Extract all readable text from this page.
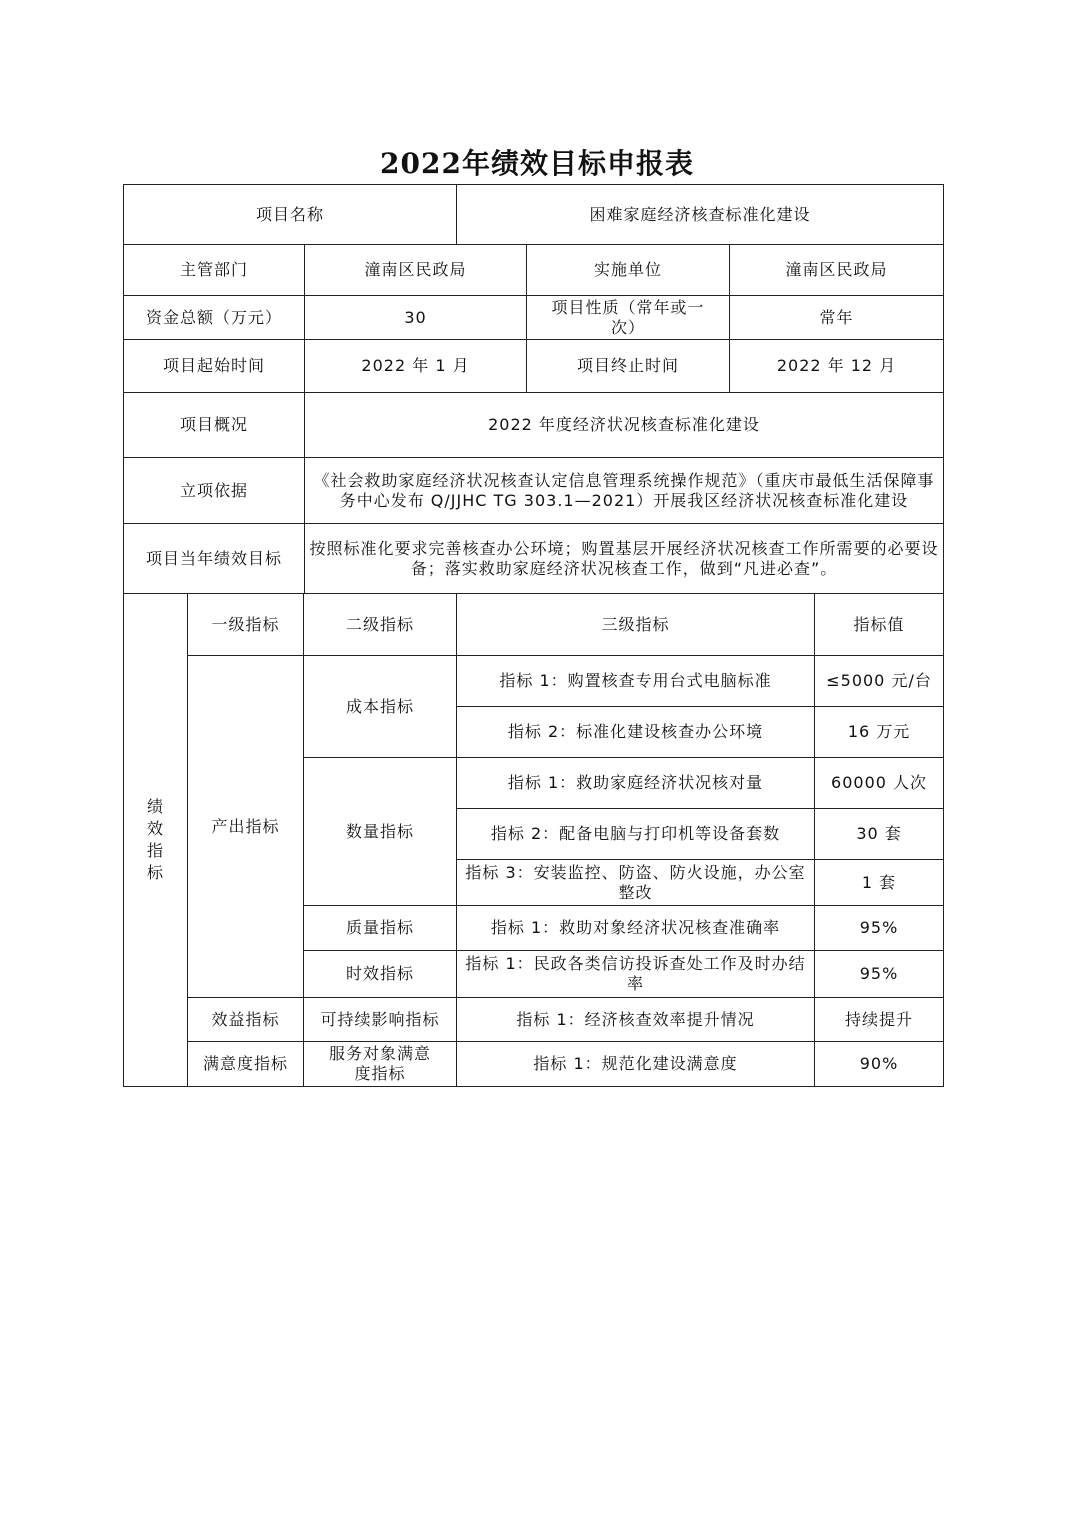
2022年绩效目标申报表
项目名称	困难家庭经济核查标准化建设
主管部门		潼南区民政局		实施单位	潼南区民政局	
资金总额（万元）		30		项目性质（常年或一次）	常年	
项目起始时间		2022 年 1 月		项目终止时间	2022 年 12 月	
项目概况		2022 年度经济状况核查标准化建设				
立项依据		《社会救助家庭经济状况核查认定信息管理系统操作规范》（重庆市最低生活保障事务中心发布 Q/JJHC TG 303.1—2021）开展我区经济状况核查标准化建设				
项目当年绩效目标		按照标准化要求完善核查办公环境；购置基层开展经济状况核查工作所需要的必要设备；落实救助家庭经济状况核查工作，做到“凡进必查”。				

绩
效
指
标	一级指标	二级指标	三级指标			指标值
	产出指标	成本指标	指标 1：购置核查专用台式电脑标准			≤5000 元/台
			指标 2：标准化建设核查办公环境			16 万元
		数量指标	指标 1：救助家庭经济状况核对量			60000 人次
			指标 2：配备电脑与打印机等设备套数			30 套
			指标 3：安装监控、防盗、防火设施，办公室整改			1 套
		质量指标	指标 1：救助对象经济状况核查准确率			95%
		时效指标	指标 1：民政各类信访投诉查处工作及时办结率			95%
	效益指标	可持续影响指标	指标 1：经济核查效率提升情况			持续提升
	满意度指标	服务对象满意度指标	指标 1：规范化建设满意度			90%
